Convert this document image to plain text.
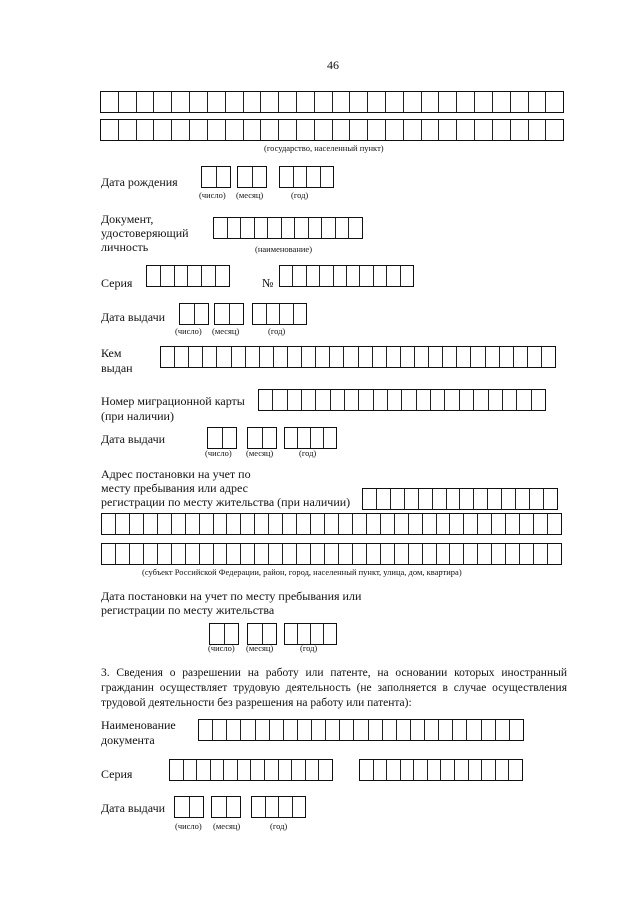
46
(государство, населенный пункт)
Дата рождения
(число) (месяц)	(год)
Документ,
удостоверяющий
личность	(наименование)
Серия	№
Дата выдачи
(число) (месяц)	(год)
Кем
выдан
Номер миграционной карты
(при наличии)
Дата выдачи
(число) (месяц)	(год)
Адрес постановки на учет по
месту пребывания или адрес
регистрации по месту жительства (при наличии)
(субъект Российской Федерации, район, город, населенный пункт, улица, дом, квартира)
Дата постановки на учет по месту пребывания или
регистрации по месту жительства
(число) (месяц)	(год)
3. Сведения о разрешении на работу или патенте, на основании которых иностранный гражданин осуществляет трудовую деятельность (не заполняется в случае осуществления трудовой деятельности без разрешения на работу или патента):
Наименование
документа
Серия
Дата выдачи
(число) (месяц)	(год)
